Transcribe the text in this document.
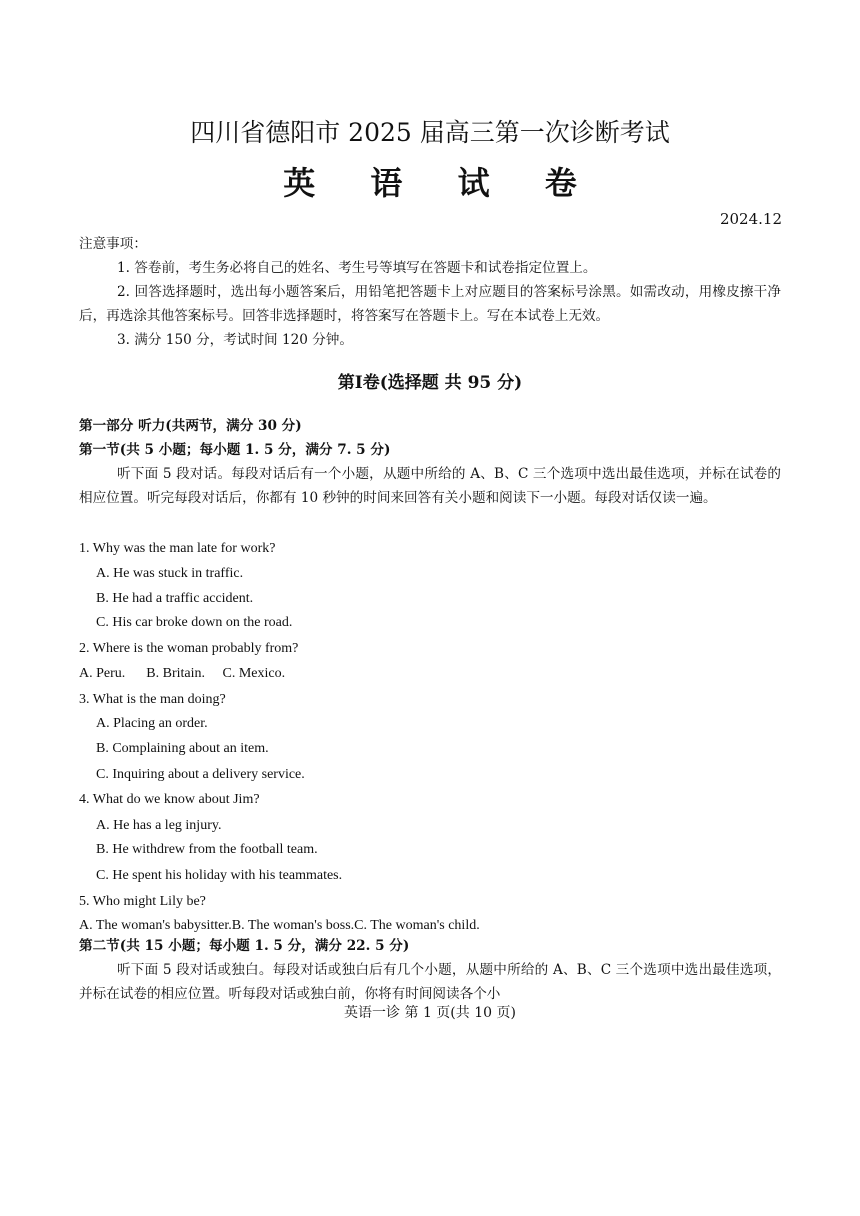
四川省德阳市 2025 届高三第一次诊断考试
英 语 试 卷
2024.12
注意事项：
1. 答卷前，考生务必将自己的姓名、考生号等填写在答题卡和试卷指定位置上。
2. 回答选择题时，选出每小题答案后，用铅笔把答题卡上对应题目的答案标号涂黑。如需改动，用橡皮擦干净后，再选涂其他答案标号。回答非选择题时，将答案写在答题卡上。写在本试卷上无效。
3. 满分 150 分，考试时间 120 分钟。
第Ⅰ卷(选择题 共 95 分)
第一部分 听力(共两节，满分 30 分)
第一节(共 5 小题；每小题 1. 5 分，满分 7. 5 分)
听下面 5 段对话。每段对话后有一个小题，从题中所给的 A、B、C 三个选项中选出最佳选项，并标在试卷的相应位置。听完每段对话后，你都有 10 秒钟的时间来回答有关小题和阅读下一小题。每段对话仅读一遍。
1. Why was the man late for work?
A. He was stuck in traffic.
B. He had a traffic accident.
C. His car broke down on the road.
2. Where is the woman probably from?
A. Peru.      B. Britain.     C. Mexico.
3. What is the man doing?
A. Placing an order.
B. Complaining about an item.
C. Inquiring about a delivery service.
4. What do we know about Jim?
A. He has a leg injury.
B. He withdrew from the football team.
C. He spent his holiday with his teammates.
5. Who might Lily be?
A. The woman's babysitter.B. The woman's boss.C. The woman's child.
第二节(共 15 小题；每小题 1. 5 分，满分 22. 5 分)
听下面 5 段对话或独白。每段对话或独白后有几个小题，从题中所给的 A、B、C 三个选项中选出最佳选项，并标在试卷的相应位置。听每段对话或独白前，你将有时间阅读各个小
英语一诊 第 1 页(共 10 页)
